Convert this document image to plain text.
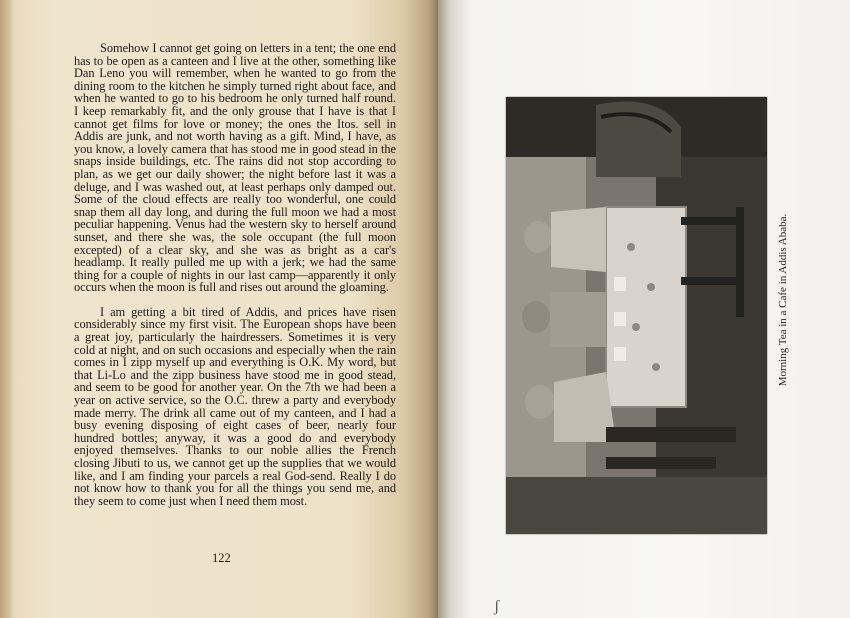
Somehow I cannot get going on letters in a tent; the one end has to be open as a canteen and I live at the other, something like Dan Leno you will remember, when he wanted to go from the dining room to the kitchen he simply turned right about face, and when he wanted to go to his bedroom he only turned half round. I keep remarkably fit, and the only grouse that I have is that I cannot get films for love or money; the ones the Itos. sell in Addis are junk, and not worth having as a gift. Mind, I have, as you know, a lovely camera that has stood me in good stead in the snaps inside buildings, etc. The rains did not stop according to plan, as we get our daily shower; the night before last it was a deluge, and I was washed out, at least perhaps only damped out. Some of the cloud effects are really too wonderful, one could snap them all day long, and during the full moon we had a most peculiar happening. Venus had the western sky to herself around sunset, and there she was, the sole occupant (the full moon excepted) of a clear sky, and she was as bright as a car's headlamp. It really pulled me up with a jerk; we had the same thing for a couple of nights in our last camp—apparently it only occurs when the moon is full and rises out around the gloaming.

I am getting a bit tired of Addis, and prices have risen considerably since my first visit. The European shops have been a great joy, particularly the hairdressers. Sometimes it is very cold at night, and on such occasions and especially when the rain comes in I zipp myself up and everything is O.K. My word, but that Li-Lo and the zipp business have stood me in good stead, and seem to be good for another year. On the 7th we had been a year on active service, so the O.C. threw a party and everybody made merry. The drink all came out of my canteen, and I had a busy evening disposing of eight cases of beer, nearly four hundred bottles; anyway, it was a good do and everybody enjoyed themselves. Thanks to our noble allies the French closing Jibuti to us, we cannot get up the supplies that we would like, and I am finding your parcels a real God-send. Really I do not know how to thank you for all the things you send me, and they seem to come just when I need them most.

122
Morning Tea in a Cafe in Addis Ababa.
ʃ
